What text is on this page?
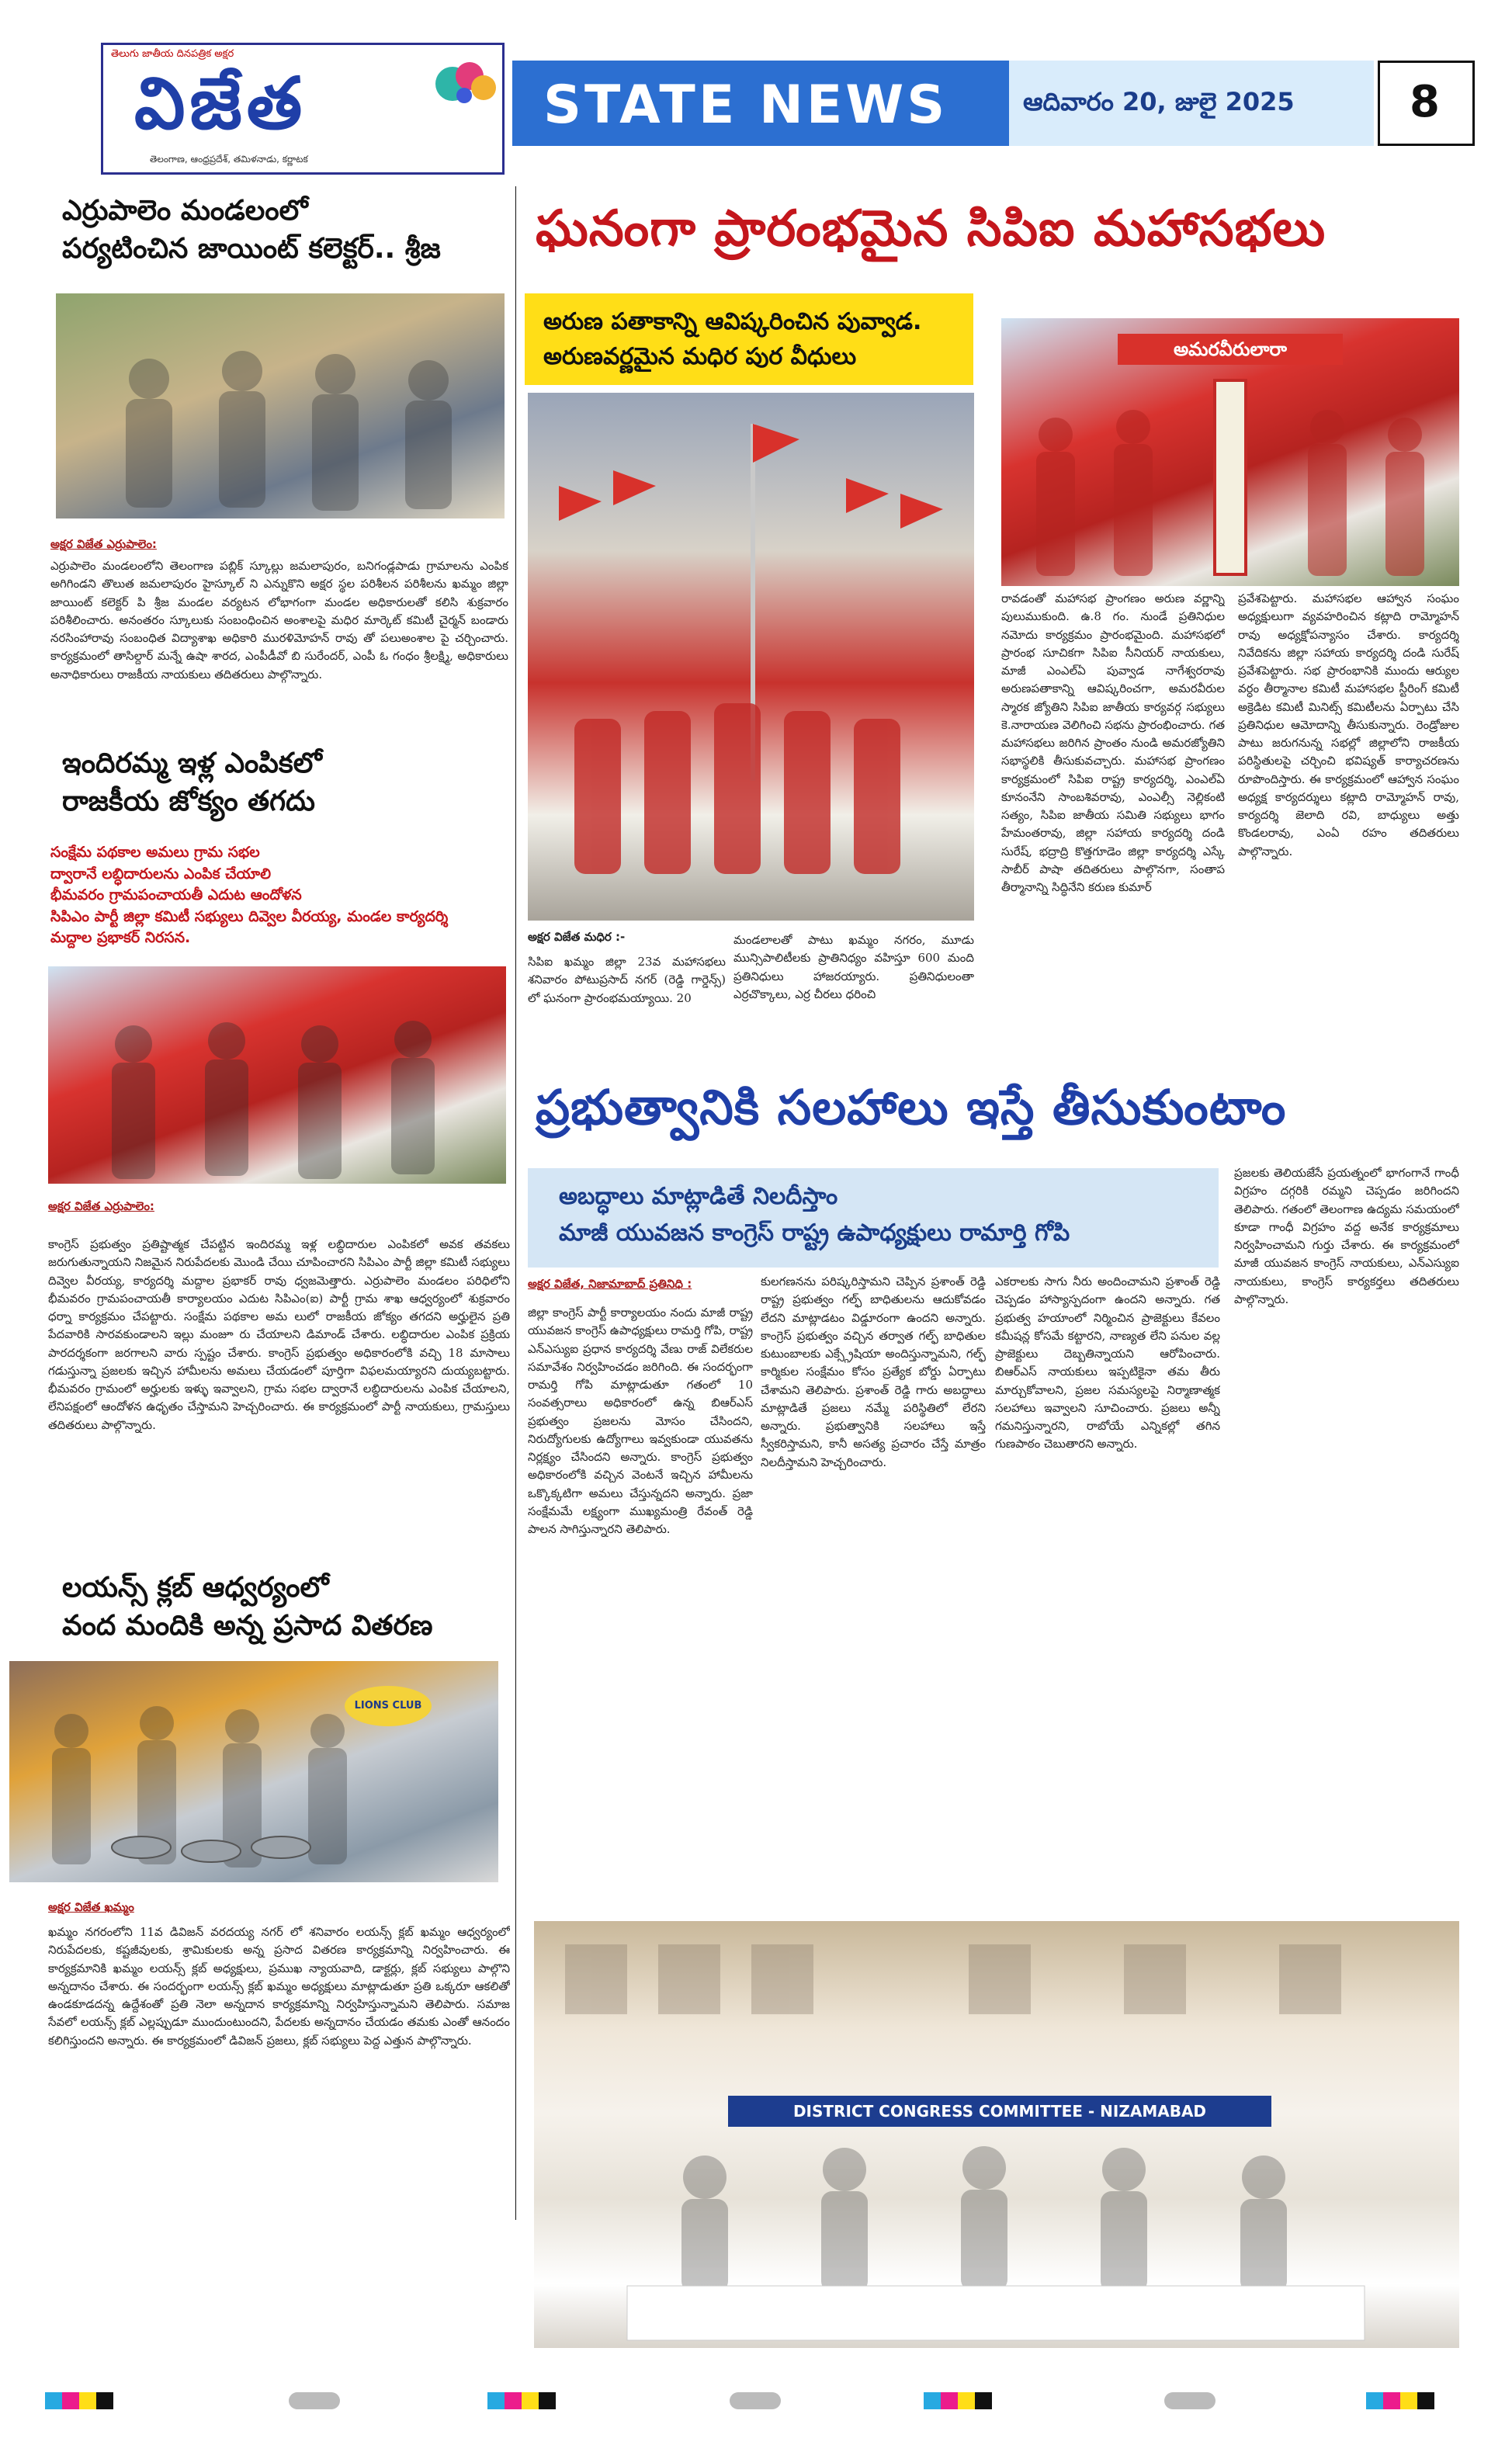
తెలుగు జాతీయ దినపత్రిక అక్షర
విజేత
తెలంగాణ, ఆంధ్రప్రదేశ్, తమిళనాడు, కర్ణాటక
STATE NEWS	ఆదివారం 20, జులై 2025	8
ఎర్రుపాలెం మండలంలో
పర్యటించిన జాయింట్ కలెక్టర్.. శ్రీజ
అక్షర విజేత ఎర్రుపాలెం:
ఎర్రుపాలెం మండలంలోని తెలంగాణ పబ్లిక్ స్కూల్లు జమలాపురం, బనిగండ్లపాడు గ్రామాలను ఎంపిక అగిగిండని తొలుత జమలాపురం హైస్కూల్ ని ఎన్నుకొని అక్షర స్థల పరిశీలన పరిశీలను ఖమ్మం జిల్లా జాయింట్ కలెక్టర్ పి శ్రీజ మండల వర్యటన లోభాగంగా మండల అధికారులతో కలిసి శుక్రవారం పరిశీలించారు. అనంతరం స్కూలుకు సంబంధించిన అంశాలపై మధిర మార్కెట్ కమిటీ చైర్మన్ బండారు నరసింహారావు సంబంధిత విద్యాశాఖ అధికారి మురళిమోహన్ రావు తో పలుఅంశాల పై చర్చించారు. కార్యక్రమంలో తాసిల్దార్ మన్నే ఉషా శారద, ఎంపీడీవో బి సురేందర్, ఎంపీ ఓ గంధం శ్రీలక్ష్మి, అధికారులు అనాధికారులు రాజకీయ నాయకులు తదితరులు పాల్గొన్నారు.
ఇందిరమ్మ ఇళ్ల ఎంపికలో
రాజకీయ జోక్యం తగదు
సంక్షేమ పథకాల అమలు గ్రామ సభల
ద్వారానే లబ్ధిదారులను ఎంపిక చేయాలి
భీమవరం గ్రామపంచాయతీ ఎదుట ఆందోళన
సిపిఎం పార్టీ జిల్లా కమిటీ సభ్యులు దివ్వెల వీరయ్య, మండల కార్యదర్శి
మద్దాల ప్రభాకర్ నిరసన.
అక్షర విజేత ఎర్రుపాలెం:
కాంగ్రెస్ ప్రభుత్వం ప్రతిష్టాత్మక చేపట్టిన ఇందిరమ్మ ఇళ్ల లబ్ధిదారుల ఎంపికలో అవక తవకలు జరుగుతున్నాయని నిజమైన నిరుపేదలకు మొండి చేయి చూపించారని సిపిఎం పార్టీ జిల్లా కమిటీ సభ్యులు దివ్వెల వీరయ్య, కార్యదర్శి మద్దాల ప్రభాకర్ రావు ధ్వజమెత్తారు. ఎర్రుపాలెం మండలం పరిధిలోని భీమవరం గ్రామపంచాయతీ కార్యాలయం ఎదుట సిపిఎం(ఐ) పార్టీ గ్రామ శాఖ ఆధ్వర్యంలో శుక్రవారం ధర్నా కార్యక్రమం చేపట్టారు. సంక్షేమ పథకాల అమ లులో రాజకీయ జోక్యం తగదని అర్హులైన ప్రతి పేదవారికి సారవకుండాలని ఇల్లు మంజూ రు చేయాలని డిమాండ్ చేశారు. లబ్ధిదారుల ఎంపిక ప్రక్రియ పారదర్శకంగా జరగాలని వారు స్పష్టం చేశారు. కాంగ్రెస్ ప్రభుత్వం అధికారంలోకి వచ్చి 18 మాసాలు గడుస్తున్నా ప్రజలకు ఇచ్చిన హామీలను అమలు చేయడంలో పూర్తిగా విఫలమయ్యారని దుయ్యబట్టారు. భీమవరం గ్రామంలో అర్హులకు ఇళ్ళు ఇవ్వాలని, గ్రామ సభల ద్వారానే లబ్ధిదారులను ఎంపిక చేయాలని, లేనిపక్షంలో ఆందోళన ఉధృతం చేస్తామని హెచ్చరించారు. ఈ కార్యక్రమంలో పార్టీ నాయకులు, గ్రామస్తులు తదితరులు పాల్గొన్నారు.
లయన్స్ క్లబ్ ఆధ్వర్యంలో
వంద మందికి అన్న ప్రసాద వితరణ
LIONS CLUB
అక్షర విజేత ఖమ్మం
ఖమ్మం నగరంలోని 11వ డివిజన్ వరదయ్య నగర్ లో శనివారం లయన్స్ క్లబ్ ఖమ్మం ఆధ్వర్యంలో నిరుపేదలకు, కష్టజీవులకు, శ్రామికులకు అన్న ప్రసాద వితరణ కార్యక్రమాన్ని నిర్వహించారు. ఈ కార్యక్రమానికి ఖమ్మం లయన్స్ క్లబ్ అధ్యక్షులు, ప్రముఖ న్యాయవాది, డాక్టర్లు, క్లబ్ సభ్యులు పాల్గొని అన్నదానం చేశారు. ఈ సందర్భంగా లయన్స్ క్లబ్ ఖమ్మం అధ్యక్షులు మాట్లాడుతూ ప్రతి ఒక్కరూ ఆకలితో ఉండకూడదన్న ఉద్దేశంతో ప్రతి నెలా అన్నదాన కార్యక్రమాన్ని నిర్వహిస్తున్నామని తెలిపారు. సమాజ సేవలో లయన్స్ క్లబ్ ఎల్లప్పుడూ ముందుంటుందని, పేదలకు అన్నదానం చేయడం తమకు ఎంతో ఆనందం కలిగిస్తుందని అన్నారు. ఈ కార్యక్రమంలో డివిజన్ ప్రజలు, క్లబ్ సభ్యులు పెద్ద ఎత్తున పాల్గొన్నారు.
ఘనంగా ప్రారంభమైన సిపిఐ మహాసభలు
అరుణ పతాకాన్ని ఆవిష్కరించిన పువ్వాడ.
అరుణవర్ణమైన మధిర పుర వీధులు	అమరవీరులారా
అక్షర విజేత మధిర :-
సిపిఐ ఖమ్మం జిల్లా 23వ మహాసభలు శనివారం పోటుప్రసాద్ నగర్ (రెడ్డి గార్డెన్స్) లో ఘనంగా ప్రారంభమయ్యాయి. 20
మండలాలతో పాటు ఖమ్మం నగరం, మూడు మున్సిపాలిటీలకు ప్రాతినిధ్యం వహిస్తూ 600 మంది ప్రతినిధులు హాజరయ్యారు. ప్రతినిధులంతా ఎర్రచొక్కాలు, ఎర్ర చీరలు ధరించి
రావడంతో మహాసభ ప్రాంగణం అరుణ వర్ణాన్ని పులుముకుంది. ఉ.8 గం. నుండే ప్రతినిధుల నమోదు కార్యక్రమం ప్రారంభమైంది. మహాసభలో ప్రారంభ సూచికగా సిపిఐ సీనియర్ నాయకులు, మాజీ ఎంఎల్ఏ పువ్వాడ నాగేశ్వరరావు అరుణపతాకాన్ని ఆవిష్కరించగా, అమరవీరుల స్మారక జ్యోతిని సిపిఐ జాతీయ కార్యవర్గ సభ్యులు కె.నారాయణ వెలిగించి సభను ప్రారంభించారు. గత మహాసభలు జరిగిన ప్రాంతం నుండి అమరజ్యోతిని సభాస్థలికి తీసుకువచ్చారు. మహాసభ ప్రాంగణం కార్యక్రమంలో సిపిఐ రాష్ట్ర కార్యదర్శి, ఎంఎల్ఏ కూనంనేని సాంబశివరావు, ఎంఎల్సీ నెల్లికంటి సత్యం, సిపిఐ జాతీయ సమితి సభ్యులు భాగం హేమంతరావు, జిల్లా సహాయ కార్యదర్శి దండి సురేష్, భద్రాద్రి కొత్తగూడెం జిల్లా కార్యదర్శి ఎస్కే సాబీర్ పాషా తదితరులు పాల్గొనగా, సంతాప తీర్మానాన్ని సిద్ధినేని కరుణ కుమార్
ప్రవేశపెట్టారు. మహాసభల ఆహ్వాన సంఘం అధ్యక్షులుగా వ్యవహరించిన కట్లాది రామ్మోహన్ రావు అధ్యక్షోపన్యాసం చేశారు. కార్యదర్శి నివేదికను జిల్లా సహాయ కార్యదర్శి దండి సురేష్ ప్రవేశపెట్టారు. సభ ప్రారంభానికి ముందు ఆర్యుల వర్ధం తీర్మానాల కమిటీ మహాసభల స్టీరింగ్ కమిటీ అక్రెడిట కమిటీ మినిట్స్ కమిటీలను ఏర్పాటు చేసి ప్రతినిధుల ఆమోదాన్ని తీసుకున్నారు. రెండ్రోజుల పాటు జరుగనున్న సభల్లో జిల్లాలోని రాజకీయ పరిస్థితులపై చర్చించి భవిష్యత్ కార్యాచరణను రూపొందిస్తారు. ఈ కార్యక్రమంలో ఆహ్వాన సంఘం అధ్యక్ష కార్యదర్శులు కట్లాది రామ్మోహన్ రావు, కార్యదర్శి జెలాది రవి, బాధ్యులు అత్తు కొండలరావు, ఎంఏ రహం తదితరులు పాల్గొన్నారు.
ప్రభుత్వానికి సలహాలు ఇస్తే తీసుకుంటాం
అబద్ధాలు మాట్లాడితే నిలదీస్తాం
మాజీ యువజన కాంగ్రెస్ రాష్ట్ర ఉపాధ్యక్షులు రామార్తి గోపి
అక్షర విజేత, నిజామాబాద్ ప్రతినిధి :
జిల్లా కాంగ్రెస్ పార్టీ కార్యాలయం నందు మాజీ రాష్ట్ర యువజన కాంగ్రెస్ ఉపాధ్యక్షులు రామర్తి గోపి, రాష్ట్ర ఎన్ఎస్యుఐ ప్రధాన కార్యదర్శి వేణు రాజ్ విలేకరుల సమావేశం నిర్వహించడం జరిగింది. ఈ సందర్భంగా రామర్తి గోపి మాట్లాడుతూ గతంలో 10 సంవత్సరాలు అధికారంలో ఉన్న బిఆర్ఎస్ ప్రభుత్వం ప్రజలను మోసం చేసిందని, నిరుద్యోగులకు ఉద్యోగాలు ఇవ్వకుండా యువతను నిర్లక్ష్యం చేసిందని అన్నారు. కాంగ్రెస్ ప్రభుత్వం అధికారంలోకి వచ్చిన వెంటనే ఇచ్చిన హామీలను ఒక్కొక్కటిగా అమలు చేస్తున్నదని అన్నారు. ప్రజా సంక్షేమమే లక్ష్యంగా ముఖ్యమంత్రి రేవంత్ రెడ్డి పాలన సాగిస్తున్నారని తెలిపారు.
కులగణనను పరిష్కరిస్తామని చెప్పిన ప్రశాంత్ రెడ్డి రాష్ట్ర ప్రభుత్వం గల్ఫ్ బాధితులను ఆదుకోవడం లేదని మాట్లాడటం విడ్డూరంగా ఉందని అన్నారు. కాంగ్రెస్ ప్రభుత్వం వచ్చిన తర్వాత గల్ఫ్ బాధితుల కుటుంబాలకు ఎక్స్గ్రేషియా అందిస్తున్నామని, గల్ఫ్ కార్మికుల సంక్షేమం కోసం ప్రత్యేక బోర్డు ఏర్పాటు చేశామని తెలిపారు. ప్రశాంత్ రెడ్డి గారు అబద్ధాలు మాట్లాడితే ప్రజలు నమ్మే పరిస్థితిలో లేరని అన్నారు. ప్రభుత్వానికి సలహాలు ఇస్తే స్వీకరిస్తామని, కానీ అసత్య ప్రచారం చేస్తే మాత్రం నిలదీస్తామని హెచ్చరించారు.
ఎకరాలకు సాగు నీరు అందించామని ప్రశాంత్ రెడ్డి చెప్పడం హాస్యాస్పదంగా ఉందని అన్నారు. గత ప్రభుత్వ హయాంలో నిర్మించిన ప్రాజెక్టులు కేవలం కమీషన్ల కోసమే కట్టారని, నాణ్యత లేని పనుల వల్ల ప్రాజెక్టులు దెబ్బతిన్నాయని ఆరోపించారు. బిఆర్ఎస్ నాయకులు ఇప్పటికైనా తమ తీరు మార్చుకోవాలని, ప్రజల సమస్యలపై నిర్మాణాత్మక సలహాలు ఇవ్వాలని సూచించారు. ప్రజలు అన్నీ గమనిస్తున్నారని, రాబోయే ఎన్నికల్లో తగిన గుణపాఠం చెబుతారని అన్నారు.
ప్రజలకు తెలియజేసే ప్రయత్నంలో భాగంగానే గాంధీ విగ్రహం దగ్గరికి రమ్మని చెప్పడం జరిగిందని తెలిపారు. గతంలో తెలంగాణ ఉద్యమ సమయంలో కూడా గాంధీ విగ్రహం వద్ద అనేక కార్యక్రమాలు నిర్వహించామని గుర్తు చేశారు. ఈ కార్యక్రమంలో మాజీ యువజన కాంగ్రెస్ నాయకులు, ఎన్ఎస్యుఐ నాయకులు, కాంగ్రెస్ కార్యకర్తలు తదితరులు పాల్గొన్నారు.
DISTRICT CONGRESS COMMITTEE - NIZAMABAD
